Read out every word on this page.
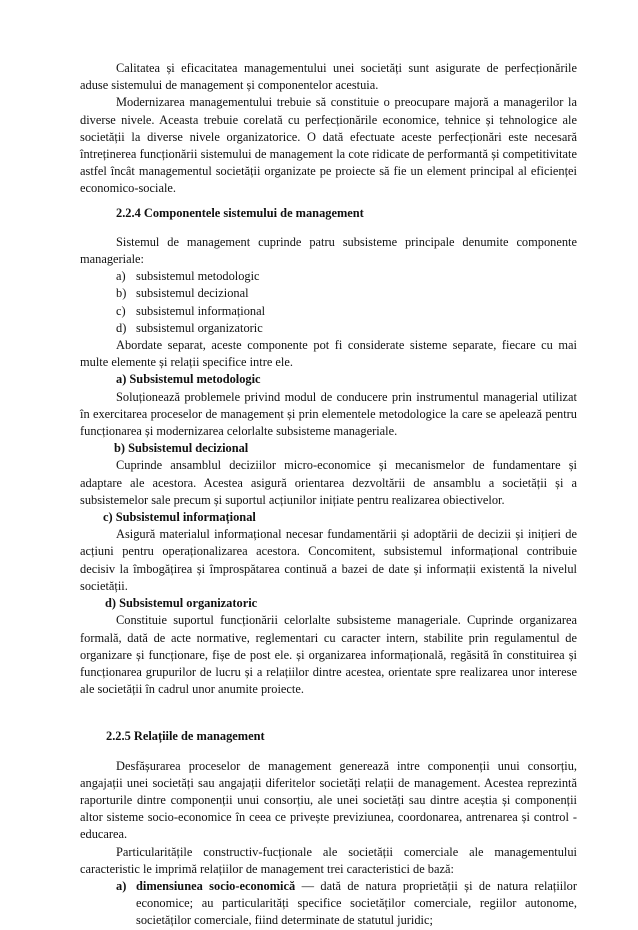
Calitatea și eficacitatea managementului unei societăți sunt asigurate de perfecționările aduse sistemului de management și componentelor acestuia.

Modernizarea managementului trebuie să constituie o preocupare majoră a managerilor la diverse nivele. Aceasta trebuie corelată cu perfecționările economice, tehnice și tehnologice ale societății la diverse nivele organizatorice. O dată efectuate aceste perfecționări este necesară întreținerea funcționării sistemului de management la cote ridicate de performantă și competitivitate astfel încât managementul societății organizate pe proiecte să fie un element principal al eficienței economico-sociale.

2.2.4 Componentele sistemului de management

Sistemul de management cuprinde patru subsisteme principale denumite componente manageriale:

a) subsistemul metodologic
b) subsistemul decizional
c) subsistemul informațional
d) subsistemul organizatoric

Abordate separat, aceste componente pot fi considerate sisteme separate, fiecare cu mai multe elemente și relații specifice intre ele.

a) Subsistemul metodologic

Soluționează problemele privind modul de conducere prin instrumentul managerial utilizat în exercitarea proceselor de management și prin elementele metodologice la care se apelează pentru funcționarea și modernizarea celorlalte subsisteme manageriale.

b) Subsistemul decizional

Cuprinde ansamblul deciziilor micro-economice și mecanismelor de fundamentare și adaptare ale acestora. Acestea asigură orientarea dezvoltării de ansamblu a societății și a subsistemelor sale precum și suportul acțiunilor inițiate pentru realizarea obiectivelor.

c) Subsistemul informațional

Asigură materialul informațional necesar fundamentării și adoptării de decizii și inițieri de acțiuni pentru operaționalizarea acestora. Concomitent, subsistemul informațional contribuie decisiv la îmbogățirea și împrospătarea continuă a bazei de date și informații existentă la nivelul societății.

d) Subsistemul organizatoric

Constituie suportul funcționării celorlalte subsisteme manageriale. Cuprinde organizarea formală, dată de acte normative, reglementari cu caracter intern, stabilite prin regulamentul de organizare și funcționare, fișe de post ele. și organizarea informațională, regăsită în constituirea și funcționarea grupurilor de lucru și a relațiilor dintre acestea, orientate spre realizarea unor interese ale societății în cadrul unor anumite proiecte.

2.2.5 Relațiile de management

Desfășurarea proceselor de management generează intre componenții unui consorțiu, angajații unei societăți sau angajații diferitelor societăți relații de management. Acestea reprezintă raporturile dintre componenții unui consorțiu, ale unei societăți sau dintre aceștia și componenții altor sisteme socio-economice în ceea ce privește previziunea, coordonarea, antrenarea și control - educarea.

Particularitățile constructiv-fucționale ale societății comerciale ale managementului caracteristic le imprimă relațiilor de management trei caracteristici de bază:

a) dimensiunea socio-economică — dată de natura proprietății și de natura relațiilor economice; au particularități specifice societăților comerciale, regiilor autonome, societăților comerciale, fiind determinate de statutul juridic;
